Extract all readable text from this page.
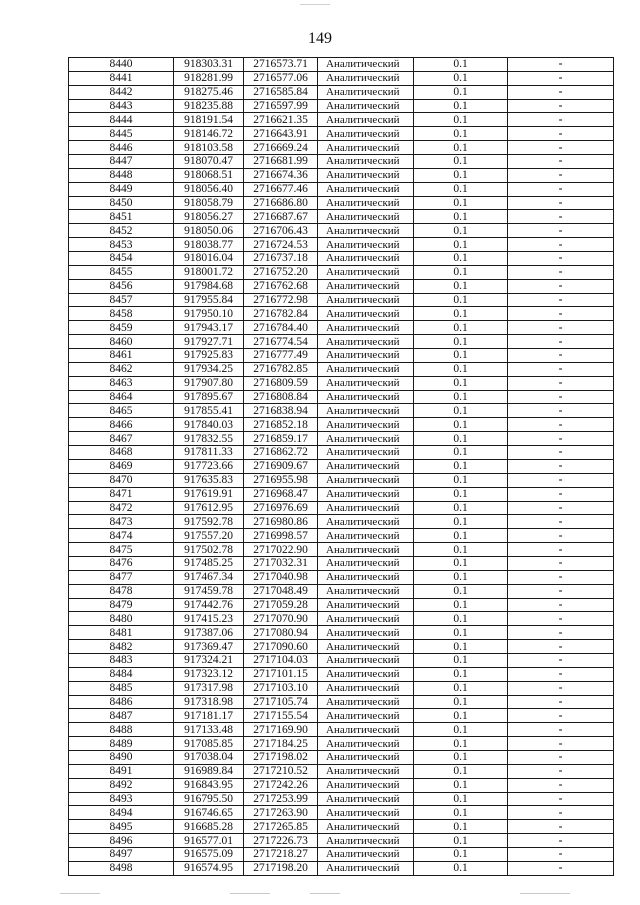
149
8440	918303.31	2716573.71	Аналитический	0.1	-
8441	918281.99	2716577.06	Аналитический	0.1	-
8442	918275.46	2716585.84	Аналитический	0.1	-
8443	918235.88	2716597.99	Аналитический	0.1	-
8444	918191.54	2716621.35	Аналитический	0.1	-
8445	918146.72	2716643.91	Аналитический	0.1	-
8446	918103.58	2716669.24	Аналитический	0.1	-
8447	918070.47	2716681.99	Аналитический	0.1	-
8448	918068.51	2716674.36	Аналитический	0.1	-
8449	918056.40	2716677.46	Аналитический	0.1	-
8450	918058.79	2716686.80	Аналитический	0.1	-
8451	918056.27	2716687.67	Аналитический	0.1	-
8452	918050.06	2716706.43	Аналитический	0.1	-
8453	918038.77	2716724.53	Аналитический	0.1	-
8454	918016.04	2716737.18	Аналитический	0.1	-
8455	918001.72	2716752.20	Аналитический	0.1	-
8456	917984.68	2716762.68	Аналитический	0.1	-
8457	917955.84	2716772.98	Аналитический	0.1	-
8458	917950.10	2716782.84	Аналитический	0.1	-
8459	917943.17	2716784.40	Аналитический	0.1	-
8460	917927.71	2716774.54	Аналитический	0.1	-
8461	917925.83	2716777.49	Аналитический	0.1	-
8462	917934.25	2716782.85	Аналитический	0.1	-
8463	917907.80	2716809.59	Аналитический	0.1	-
8464	917895.67	2716808.84	Аналитический	0.1	-
8465	917855.41	2716838.94	Аналитический	0.1	-
8466	917840.03	2716852.18	Аналитический	0.1	-
8467	917832.55	2716859.17	Аналитический	0.1	-
8468	917811.33	2716862.72	Аналитический	0.1	-
8469	917723.66	2716909.67	Аналитический	0.1	-
8470	917635.83	2716955.98	Аналитический	0.1	-
8471	917619.91	2716968.47	Аналитический	0.1	-
8472	917612.95	2716976.69	Аналитический	0.1	-
8473	917592.78	2716980.86	Аналитический	0.1	-
8474	917557.20	2716998.57	Аналитический	0.1	-
8475	917502.78	2717022.90	Аналитический	0.1	-
8476	917485.25	2717032.31	Аналитический	0.1	-
8477	917467.34	2717040.98	Аналитический	0.1	-
8478	917459.78	2717048.49	Аналитический	0.1	-
8479	917442.76	2717059.28	Аналитический	0.1	-
8480	917415.23	2717070.90	Аналитический	0.1	-
8481	917387.06	2717080.94	Аналитический	0.1	-
8482	917369.47	2717090.60	Аналитический	0.1	-
8483	917324.21	2717104.03	Аналитический	0.1	-
8484	917323.12	2717101.15	Аналитический	0.1	-
8485	917317.98	2717103.10	Аналитический	0.1	-
8486	917318.98	2717105.74	Аналитический	0.1	-
8487	917181.17	2717155.54	Аналитический	0.1	-
8488	917133.48	2717169.90	Аналитический	0.1	-
8489	917085.85	2717184.25	Аналитический	0.1	-
8490	917038.04	2717198.02	Аналитический	0.1	-
8491	916989.84	2717210.52	Аналитический	0.1	-
8492	916843.95	2717242.26	Аналитический	0.1	-
8493	916795.50	2717253.99	Аналитический	0.1	-
8494	916746.65	2717263.90	Аналитический	0.1	-
8495	916685.28	2717265.85	Аналитический	0.1	-
8496	916577.01	2717226.73	Аналитический	0.1	-
8497	916575.09	2717218.27	Аналитический	0.1	-
8498	916574.95	2717198.20	Аналитический	0.1	-
